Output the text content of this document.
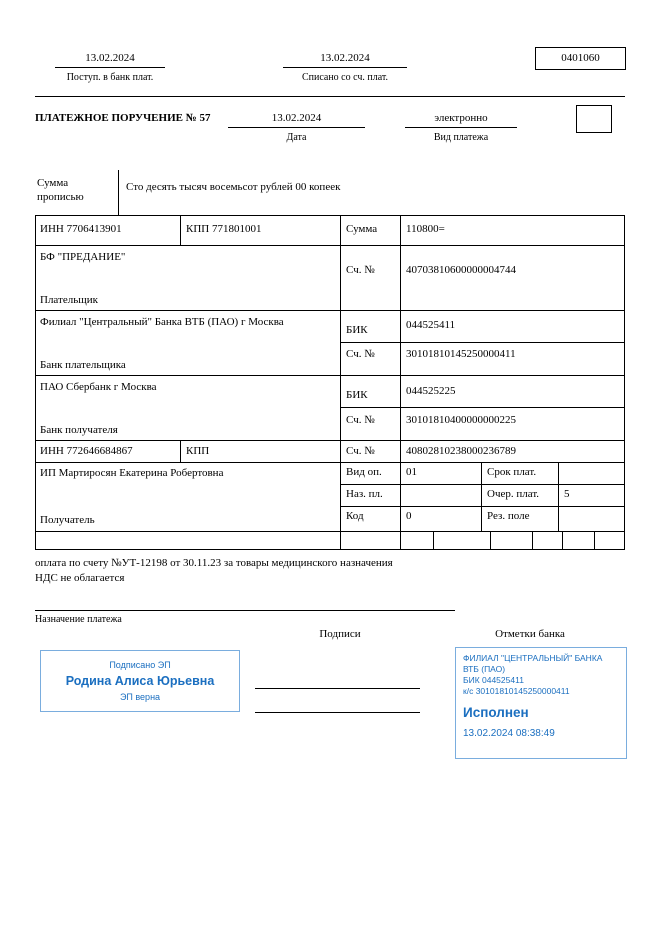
13.02.2024
Поступ. в банк плат.
13.02.2024
Списано со сч. плат.
0401060
ПЛАТЕЖНОЕ ПОРУЧЕНИЕ № 57	13.02.2024
Дата
электронно
Вид платежа
Сумма
прописью
Сто десять тысяч восемьсот рублей 00 копеек
ИНН 7706413901	КПП 771801001	Сумма	110800=
БФ "ПРЕДАНИЕ"
Плательщик
Сч. №	40703810600000004744
Филиал "Центральный" Банка ВТБ (ПАО) г Москва
Банк плательщика
БИК	044525411
Сч. №	30101810145250000411
ПАО Сбербанк г Москва
Банк получателя
БИК	044525225
Сч. №	30101810400000000225
ИНН 772646684867	КПП	Сч. №	40802810238000236789
ИП Мартиросян Екатерина Робертовна
Получатель
Вид оп. 01	Срок плат.
Наз. пл.	Очер. плат. 5
Код	0	Рез. поле
оплата по счету №УТ-12198 от 30.11.23 за товары медицинского назначения
НДС не облагается
Назначение платежа
Подписи	Отметки банка
Подписано ЭП
Родина Алиса Юрьевна
ЭП верна
ФИЛИАЛ "ЦЕНТРАЛЬНЫЙ" БАНКА
ВТБ (ПАО)
БИК 044525411
к/с 30101810145250000411
Исполнен
13.02.2024 08:38:49
